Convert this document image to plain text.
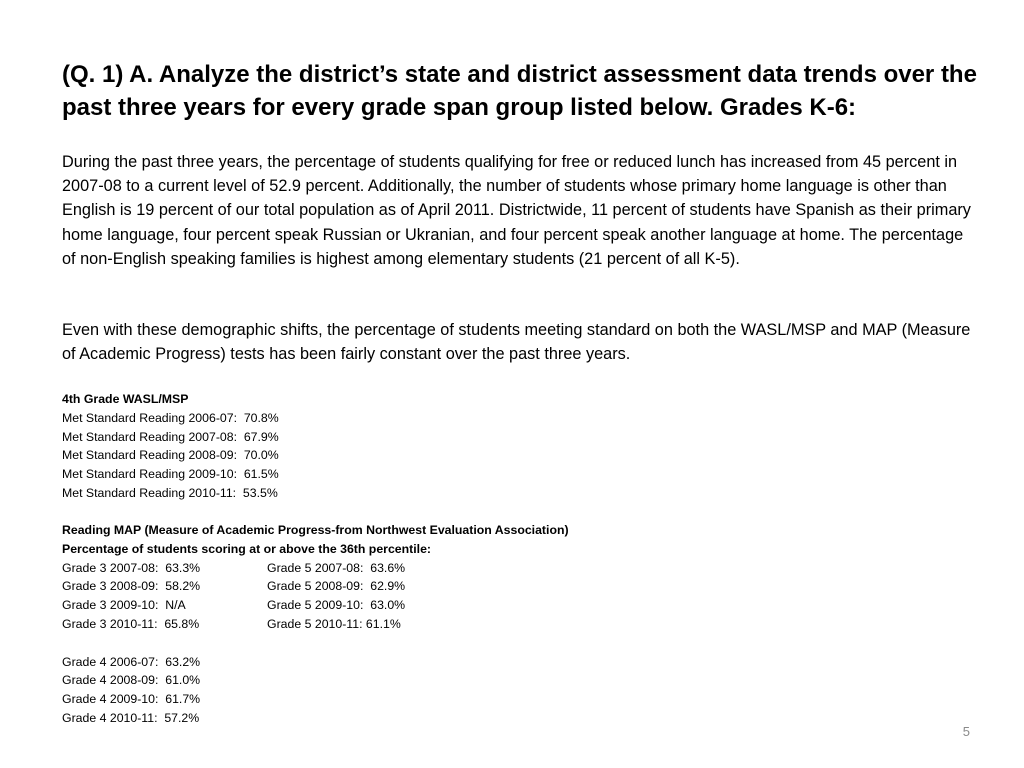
(Q. 1) A. Analyze the district’s state and district assessment data trends over the past three years for every grade span group listed below. Grades K-6:

During the past three years, the percentage of students qualifying for free or reduced lunch has increased from 45 percent in 2007-08 to a current level of 52.9 percent. Additionally, the number of students whose primary home language is other than English is 19 percent of our total population as of April 2011. Districtwide, 11 percent of students have Spanish as their primary home language, four percent speak Russian or Ukranian, and four percent speak another language at home. The percentage of non-English speaking families is highest among elementary students (21 percent of all K-5).

Even with these demographic shifts, the percentage of students meeting standard on both the WASL/MSP and MAP (Measure of Academic Progress) tests has been fairly constant over the past three years.

4th Grade WASL/MSP
Met Standard Reading 2006-07:  70.8%
Met Standard Reading 2007-08:  67.9%
Met Standard Reading 2008-09:  70.0%
Met Standard Reading 2009-10:  61.5%
Met Standard Reading 2010-11:  53.5%
Reading MAP (Measure of Academic Progress-from Northwest Evaluation Association)
Percentage of students scoring at or above the 36th percentile:
Grade 3 2007-08:  63.3%	Grade 5 2007-08:  63.6%
Grade 3 2008-09:  58.2%	Grade 5 2008-09:  62.9%
Grade 3 2009-10:  N/A	Grade 5 2009-10:  63.0%
Grade 3 2010-11:  65.8%	Grade 5 2010-11: 61.1%
Grade 4 2006-07:  63.2%
Grade 4 2008-09:  61.0%
Grade 4 2009-10:  61.7%
Grade 4 2010-11:  57.2%
5
